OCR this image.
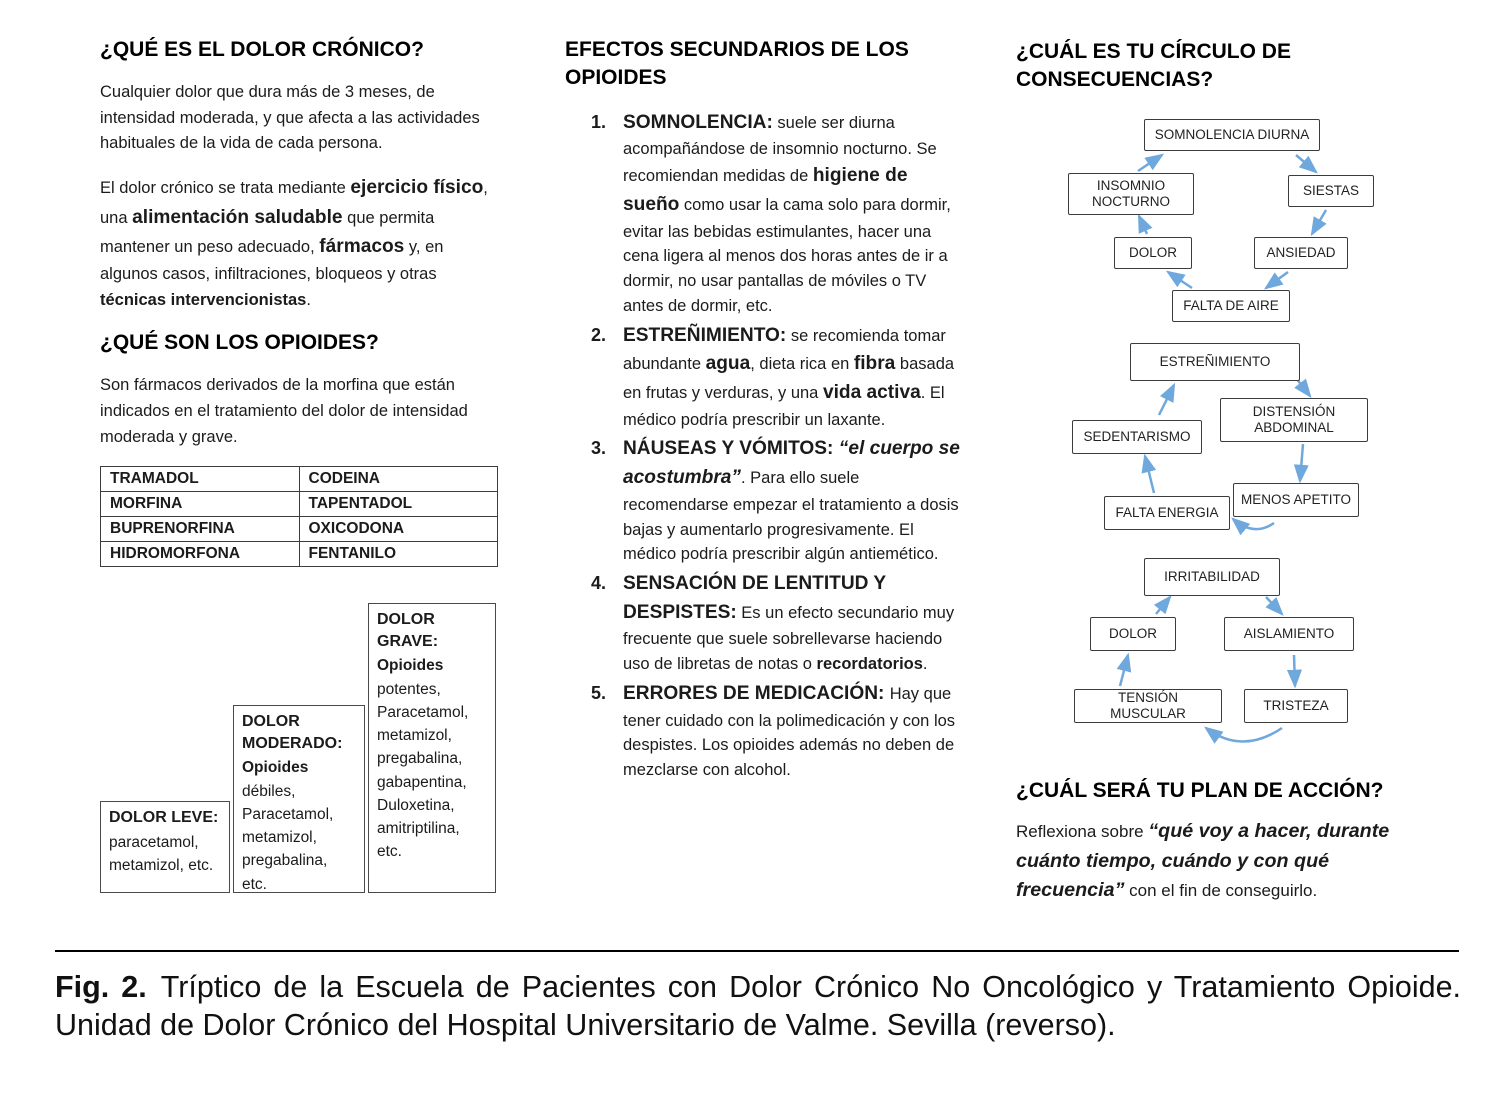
¿QUÉ ES EL DOLOR CRÓNICO?

Cualquier dolor que dura más de 3 meses, de intensidad moderada, y que afecta a las actividades habituales de la vida de cada persona.

El dolor crónico se trata mediante ejercicio físico, una alimentación saludable que permita mantener un peso adecuado, fármacos y, en algunos casos, infiltraciones, bloqueos y otras técnicas intervencionistas.

¿QUÉ SON LOS OPIOIDES?

Son fármacos derivados de la morfina que están indicados en el tratamiento del dolor de intensidad moderada y grave.

TRAMADOL	CODEINA
MORFINA	TAPENTADOL
BUPRENORFINA	OXICODONA
HIDROMORFONA	FENTANILO
DOLOR LEVE:
paracetamol, metamizol, etc.
DOLOR MODERADO:
Opioides débiles, Paracetamol, metamizol, pregabalina, etc.
DOLOR GRAVE:
Opioides potentes, Paracetamol, metamizol, pregabalina, gabapentina, Duloxetina, amitriptilina, etc.
EFECTOS SECUNDARIOS DE LOS OPIOIDES
1. SOMNOLENCIA: suele ser diurna acompañándose de insomnio nocturno. Se recomiendan medidas de higiene de sueño como usar la cama solo para dormir, evitar las bebidas estimulantes, hacer una cena ligera al menos dos horas antes de ir a dormir, no usar pantallas de móviles o TV antes de dormir, etc.
2. ESTREÑIMIENTO: se recomienda tomar abundante agua, dieta rica en fibra basada en frutas y verduras, y una vida activa. El médico podría prescribir un laxante.
3. NÁUSEAS Y VÓMITOS: “el cuerpo se acostumbra”. Para ello suele recomendarse empezar el tratamiento a dosis bajas y aumentarlo progresivamente. El médico podría prescribir algún antiemético.
4. SENSACIÓN DE LENTITUD Y DESPISTES: Es un efecto secundario muy frecuente que suele sobrellevarse haciendo uso de libretas de notas o recordatorios.
5. ERRORES DE MEDICACIÓN: Hay que tener cuidado con la polimedicación y con los despistes. Los opioides además no deben de mezclarse con alcohol.
¿CUÁL ES TU CÍRCULO DE CONSECUENCIAS?
SOMNOLENCIA DIURNA
INSOMNIO NOCTURNO
SIESTAS
DOLOR	ANSIEDAD
FALTA DE AIRE
ESTREÑIMIENTO
SEDENTARISMO
DISTENSIÓN ABDOMINAL
FALTA ENERGIA
MENOS APETITO
IRRITABILIDAD
DOLOR	AISLAMIENTO
TENSIÓN MUSCULAR
TRISTEZA
¿CUÁL SERÁ TU PLAN DE ACCIÓN?

Reflexiona sobre “qué voy a hacer, durante cuánto tiempo, cuándo y con qué frecuencia” con el fin de conseguirlo.

Fig. 2. Tríptico de la Escuela de Pacientes con Dolor Crónico No Oncológico y Tratamiento Opioide. Unidad de Dolor Crónico del Hospital Universitario de Valme. Sevilla (reverso).
